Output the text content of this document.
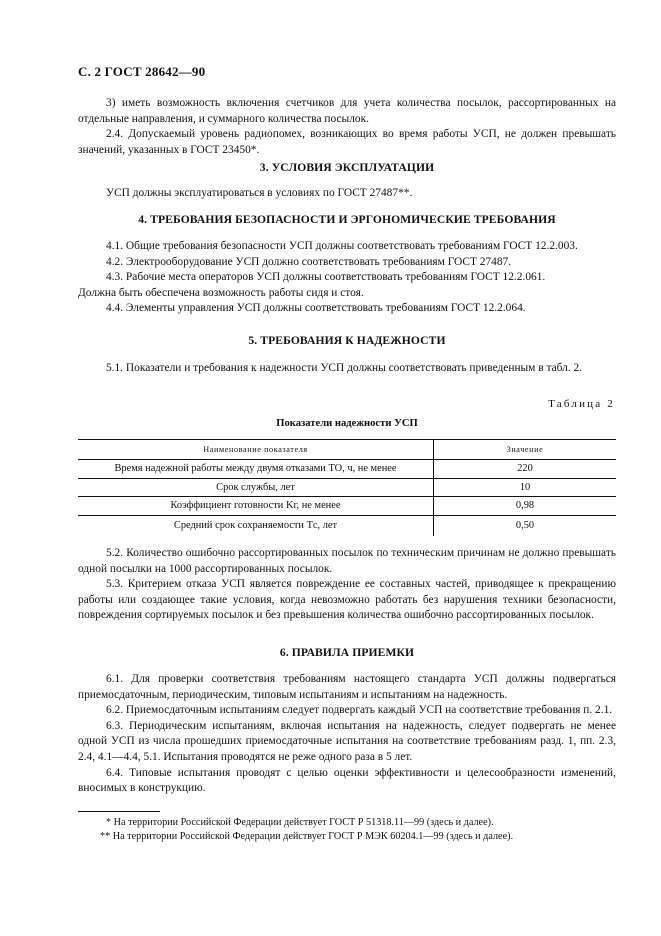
С. 2 ГОСТ 28642—90

3) иметь возможность включения счетчиков для учета количества посылок, рассортированных на отдельные направления, и суммарного количества посылок.

2.4. Допускаемый уровень радиопомех, возникающих во время работы УСП, не должен превышать значений, указанных в ГОСТ 23450*.

3. УСЛОВИЯ ЭКСПЛУАТАЦИИ

УСП должны эксплуатироваться в условиях по ГОСТ 27487**.

4. ТРЕБОВАНИЯ БЕЗОПАСНОСТИ И ЭРГОНОМИЧЕСКИЕ ТРЕБОВАНИЯ

4.1. Общие требования безопасности УСП должны соответствовать требованиям ГОСТ 12.2.003.

4.2. Электрооборудование УСП должно соответствовать требованиям ГОСТ 27487.

4.3. Рабочие места операторов УСП должны соответствовать требованиям ГОСТ 12.2.061.

Должна быть обеспечена возможность работы сидя и стоя.

4.4. Элементы управления УСП должны соответствовать требованиям ГОСТ 12.2.064.

5. ТРЕБОВАНИЯ К НАДЕЖНОСТИ

5.1. Показатели и требования к надежности УСП должны соответствовать приведенным в табл. 2.

Таблица 2
Показатели надежности УСП
Наименование показателя	Значение
Время надежной работы между двумя отказами ТО, ч, не менее	220
Срок службы, лет	10
Коэффициент готовности Kг, не менее	0,98
Средний срок сохраняемости Tс, лет	0,50

5.2. Количество ошибочно рассортированных посылок по техническим причинам не должно превышать одной посылки на 1000 рассортированных посылок.

5.3. Критерием отказа УСП является повреждение ее составных частей, приводящее к прекращению работы или создающее такие условия, когда невозможно работать без нарушения техники безопасности, повреждения сортируемых посылок и без превышения количества ошибочно рассортированных посылок.

6. ПРАВИЛА ПРИЕМКИ

6.1. Для проверки соответствия требованиям настоящего стандарта УСП должны подвергаться приемосдаточным, периодическим, типовым испытаниям и испытаниям на надежность.

6.2. Приемосдаточным испытаниям следует подвергать каждый УСП на соответствие требования п. 2.1.

6.3. Периодическим испытаниям, включая испытания на надежность, следует подвергать не менее одной УСП из числа прошедших приемосдаточные испытания на соответствие требованиям разд. 1, пп. 2.3, 2.4, 4.1—4.4, 5.1. Испытания проводятся не реже одного раза в 5 лет.

6.4. Типовые испытания проводят с целью оценки эффективности и целесообразности изменений, вносимых в конструкцию.

* На территории Российской Федерации действует ГОСТ Р 51318.11—99 (здесь и далее).
** На территории Российской Федерации действует ГОСТ Р МЭК 60204.1—99 (здесь и далее).
